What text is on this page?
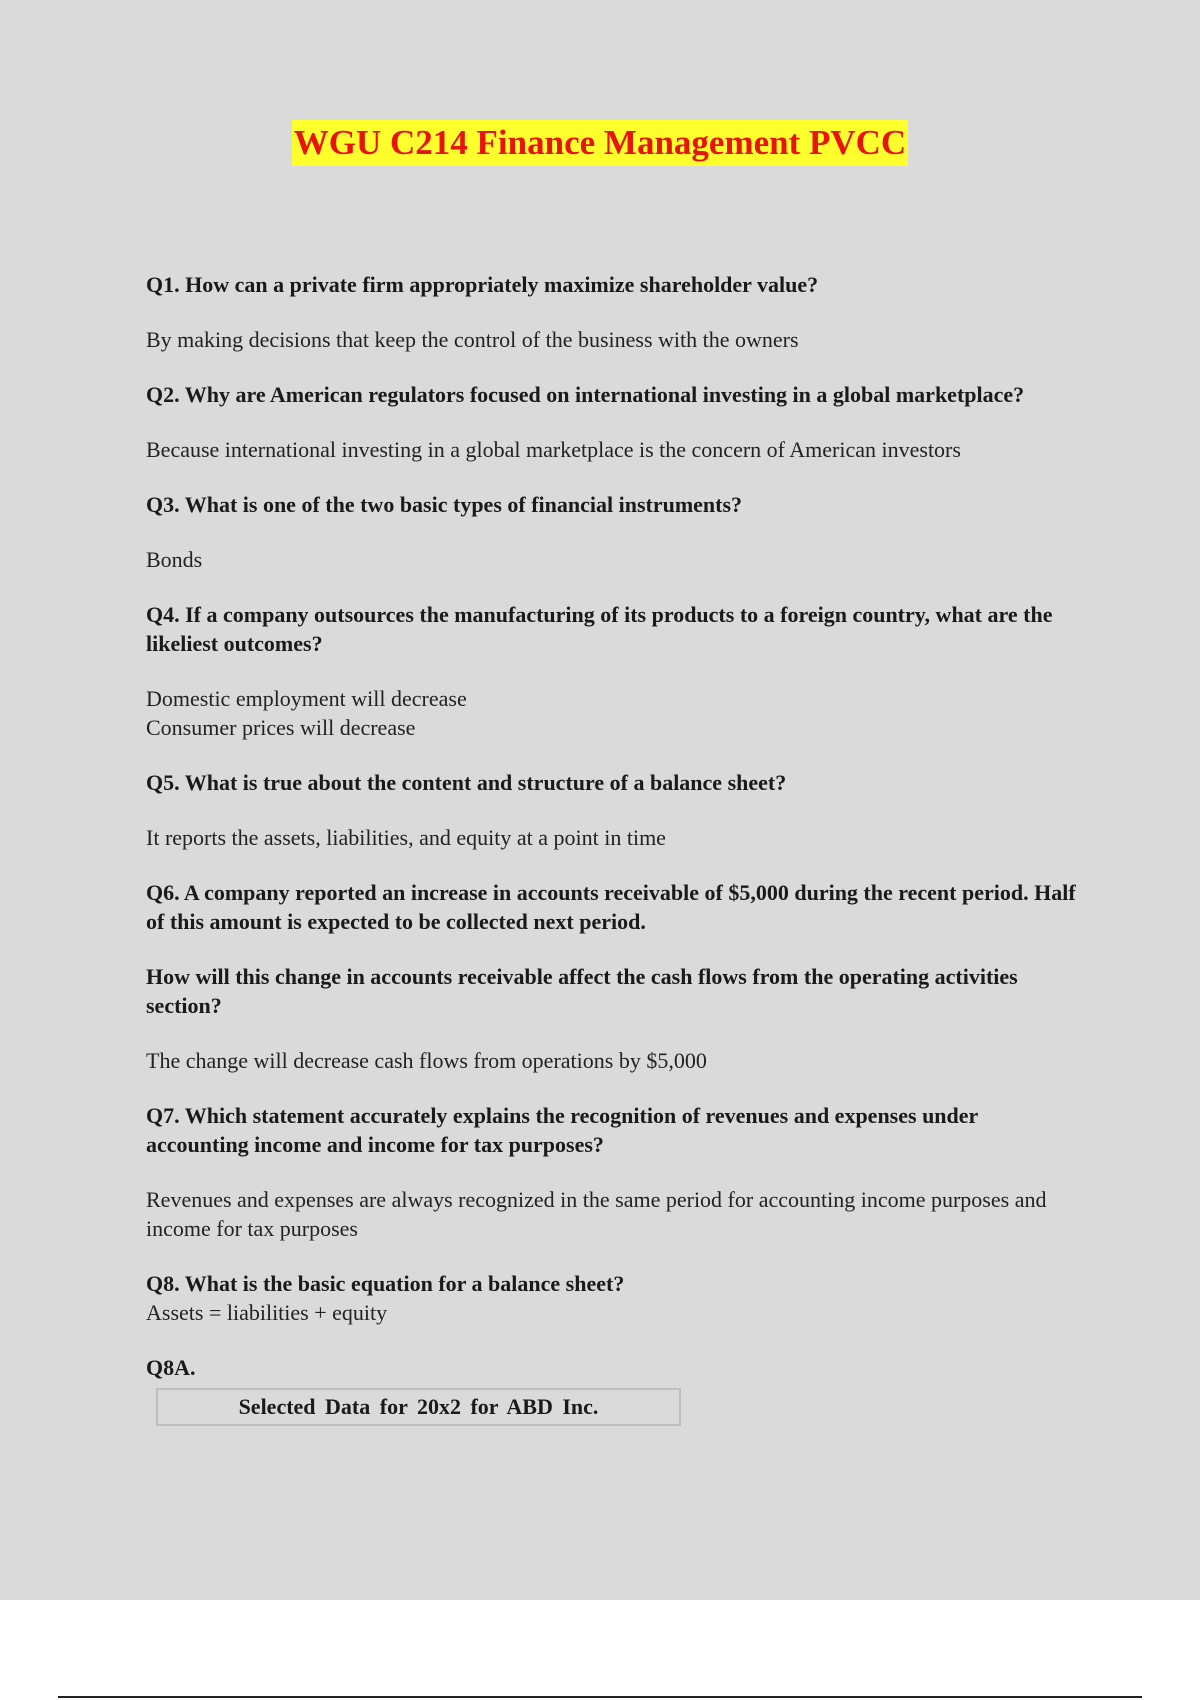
WGU C214 Finance Management PVCC

Q1. How can a private firm appropriately maximize shareholder value?

By making decisions that keep the control of the business with the owners

Q2. Why are American regulators focused on international investing in a global marketplace?

Because international investing in a global marketplace is the concern of American investors

Q3. What is one of the two basic types of financial instruments?

Bonds

Q4. If a company outsources the manufacturing of its products to a foreign country, what are the likeliest outcomes?

Domestic employment will decrease

Consumer prices will decrease

Q5. What is true about the content and structure of a balance sheet?

It reports the assets, liabilities, and equity at a point in time

Q6. A company reported an increase in accounts receivable of $5,000 during the recent period. Half of this amount is expected to be collected next period.

How will this change in accounts receivable affect the cash flows from the operating activities section?

The change will decrease cash flows from operations by $5,000

Q7. Which statement accurately explains the recognition of revenues and expenses under accounting income and income for tax purposes?

Revenues and expenses are always recognized in the same period for accounting income purposes and income for tax purposes

Q8. What is the basic equation for a balance sheet?

Assets = liabilities + equity

Q8A.

Selected Data for 20x2 for ABD Inc.
